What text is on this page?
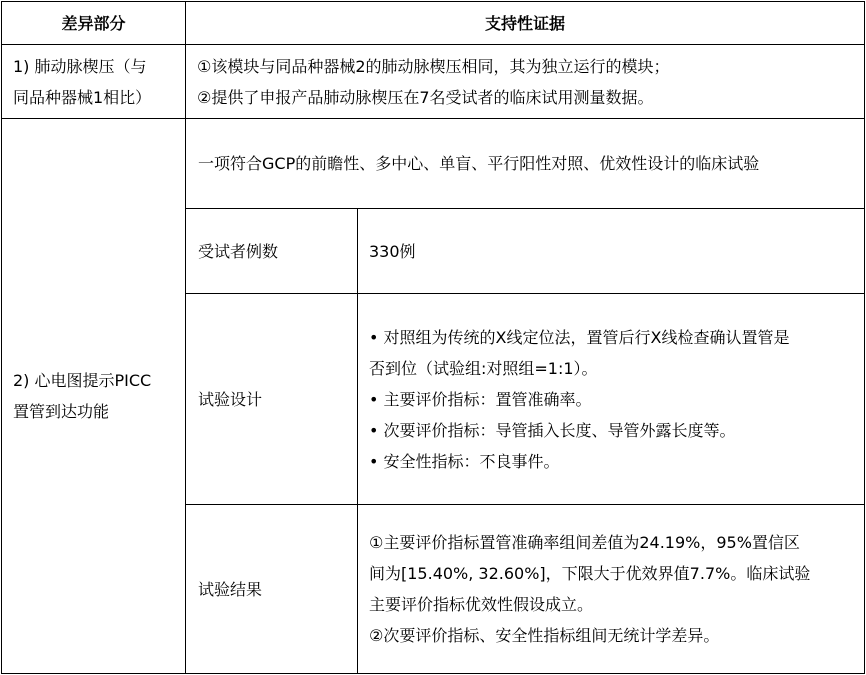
差异部分	支持性证据
1) 肺动脉楔压（与
同品种器械1相比）
①该模块与同品种器械2的肺动脉楔压相同，其为独立运行的模块；
②提供了申报产品肺动脉楔压在7名受试者的临床试用测量数据。
2) 心电图提示PICC
置管到达功能
一项符合GCP的前瞻性、多中心、单盲、平行阳性对照、优效性设计的临床试验
受试者例数	330例
试验设计
• 对照组为传统的X线定位法，置管后行X线检查确认置管是
否到位（试验组:对照组=1:1）。
• 主要评价指标：置管准确率。
• 次要评价指标：导管插入长度、导管外露长度等。
• 安全性指标：不良事件。
试验结果
①主要评价指标置管准确率组间差值为24.19%，95%置信区
间为[15.40%, 32.60%]，下限大于优效界值7.7%。临床试验
主要评价指标优效性假设成立。
②次要评价指标、安全性指标组间无统计学差异。
